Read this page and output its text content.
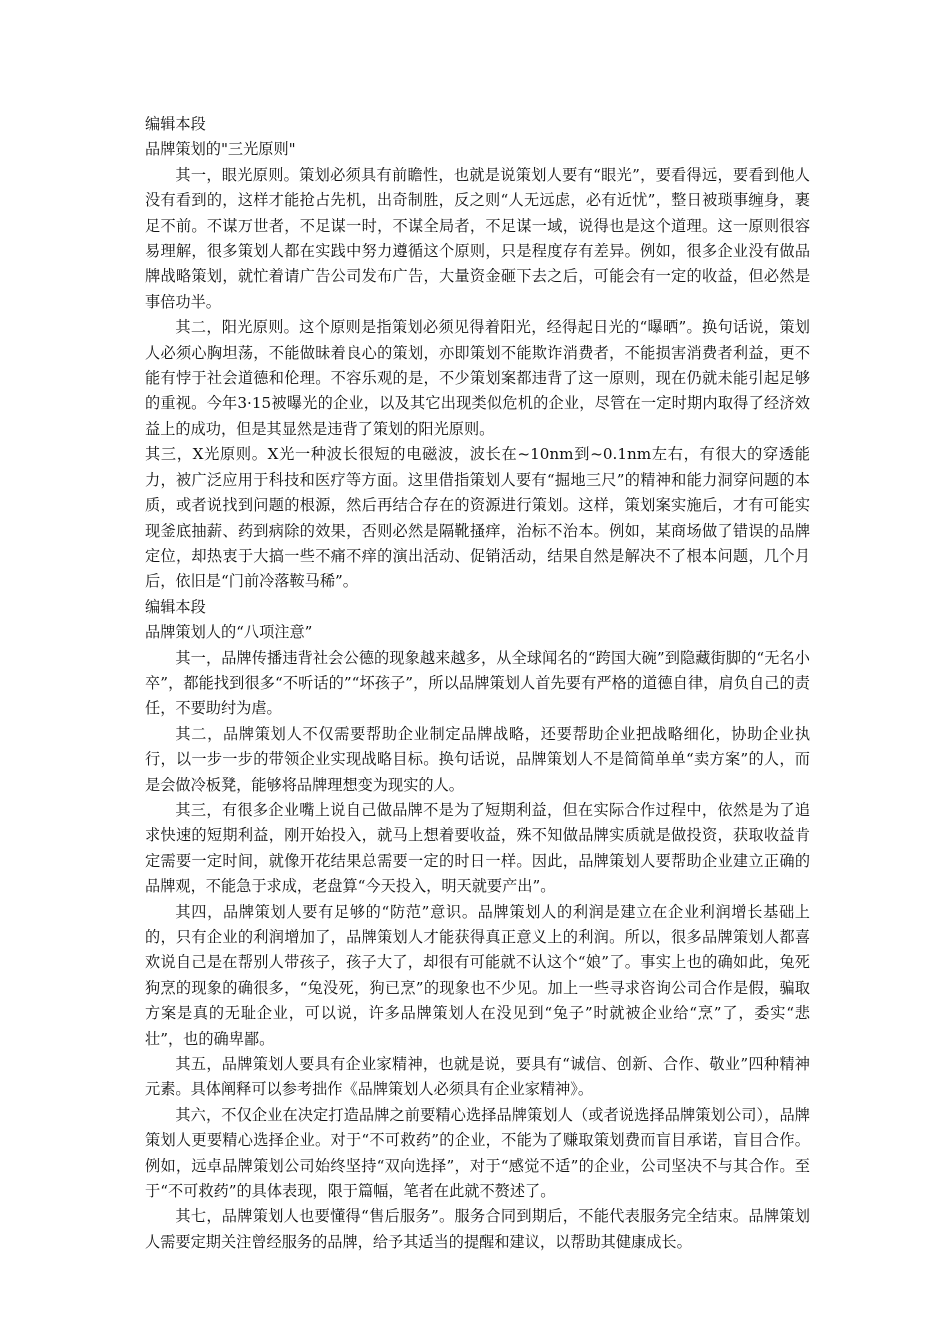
编辑本段

品牌策划的"三光原则"

其一，眼光原则。策划必须具有前瞻性，也就是说策划人要有“眼光”，要看得远，要看到他人没有看到的，这样才能抢占先机，出奇制胜，反之则“人无远虑，必有近忧”，整日被琐事缠身，裹足不前。不谋万世者，不足谋一时，不谋全局者，不足谋一域，说得也是这个道理。这一原则很容易理解，很多策划人都在实践中努力遵循这个原则，只是程度存有差异。例如，很多企业没有做品牌战略策划，就忙着请广告公司发布广告，大量资金砸下去之后，可能会有一定的收益，但必然是事倍功半。

其二，阳光原则。这个原则是指策划必须见得着阳光，经得起日光的“曝晒”。换句话说，策划人必须心胸坦荡，不能做昧着良心的策划，亦即策划不能欺诈消费者，不能损害消费者利益，更不能有悖于社会道德和伦理。不容乐观的是，不少策划案都违背了这一原则，现在仍就未能引起足够的重视。今年3·15被曝光的企业，以及其它出现类似危机的企业，尽管在一定时期内取得了经济效益上的成功，但是其显然是违背了策划的阳光原则。

其三，X光原则。X光一种波长很短的电磁波，波长在~10nm到~0.1nm左右，有很大的穿透能力，被广泛应用于科技和医疗等方面。这里借指策划人要有“掘地三尺”的精神和能力洞穿问题的本质，或者说找到问题的根源，然后再结合存在的资源进行策划。这样，策划案实施后，才有可能实现釜底抽薪、药到病除的效果，否则必然是隔靴搔痒，治标不治本。例如，某商场做了错误的品牌定位，却热衷于大搞一些不痛不痒的演出活动、促销活动，结果自然是解决不了根本问题，几个月后，依旧是“门前冷落鞍马稀”。

编辑本段

品牌策划人的“八项注意”

其一，品牌传播违背社会公德的现象越来越多，从全球闻名的“跨国大碗”到隐藏街脚的“无名小卒”，都能找到很多“不听话的”“坏孩子”，所以品牌策划人首先要有严格的道德自律，肩负自己的责任，不要助纣为虐。

其二，品牌策划人不仅需要帮助企业制定品牌战略，还要帮助企业把战略细化，协助企业执行，以一步一步的带领企业实现战略目标。换句话说，品牌策划人不是简简单单“卖方案”的人，而是会做冷板凳，能够将品牌理想变为现实的人。

其三，有很多企业嘴上说自己做品牌不是为了短期利益，但在实际合作过程中，依然是为了追求快速的短期利益，刚开始投入，就马上想着要收益，殊不知做品牌实质就是做投资，获取收益肯定需要一定时间，就像开花结果总需要一定的时日一样。因此，品牌策划人要帮助企业建立正确的品牌观，不能急于求成，老盘算“今天投入，明天就要产出”。

其四，品牌策划人要有足够的“防范”意识。品牌策划人的利润是建立在企业利润增长基础上的，只有企业的利润增加了，品牌策划人才能获得真正意义上的利润。所以，很多品牌策划人都喜欢说自己是在帮别人带孩子，孩子大了，却很有可能就不认这个“娘”了。事实上也的确如此，兔死狗烹的现象的确很多，“兔没死，狗已烹”的现象也不少见。加上一些寻求咨询公司合作是假，骗取方案是真的无耻企业，可以说，许多品牌策划人在没见到“兔子”时就被企业给“烹”了，委实“悲壮”，也的确卑鄙。

其五，品牌策划人要具有企业家精神，也就是说，要具有“诚信、创新、合作、敬业”四种精神元素。具体阐释可以参考拙作《品牌策划人必须具有企业家精神》。

其六，不仅企业在决定打造品牌之前要精心选择品牌策划人（或者说选择品牌策划公司），品牌策划人更要精心选择企业。对于“不可救药”的企业，不能为了赚取策划费而盲目承诺，盲目合作。例如，远卓品牌策划公司始终坚持“双向选择”，对于“感觉不适”的企业，公司坚决不与其合作。至于“不可救药”的具体表现，限于篇幅，笔者在此就不赘述了。

其七，品牌策划人也要懂得“售后服务”。服务合同到期后，不能代表服务完全结束。品牌策划人需要定期关注曾经服务的品牌，给予其适当的提醒和建议，以帮助其健康成长。
